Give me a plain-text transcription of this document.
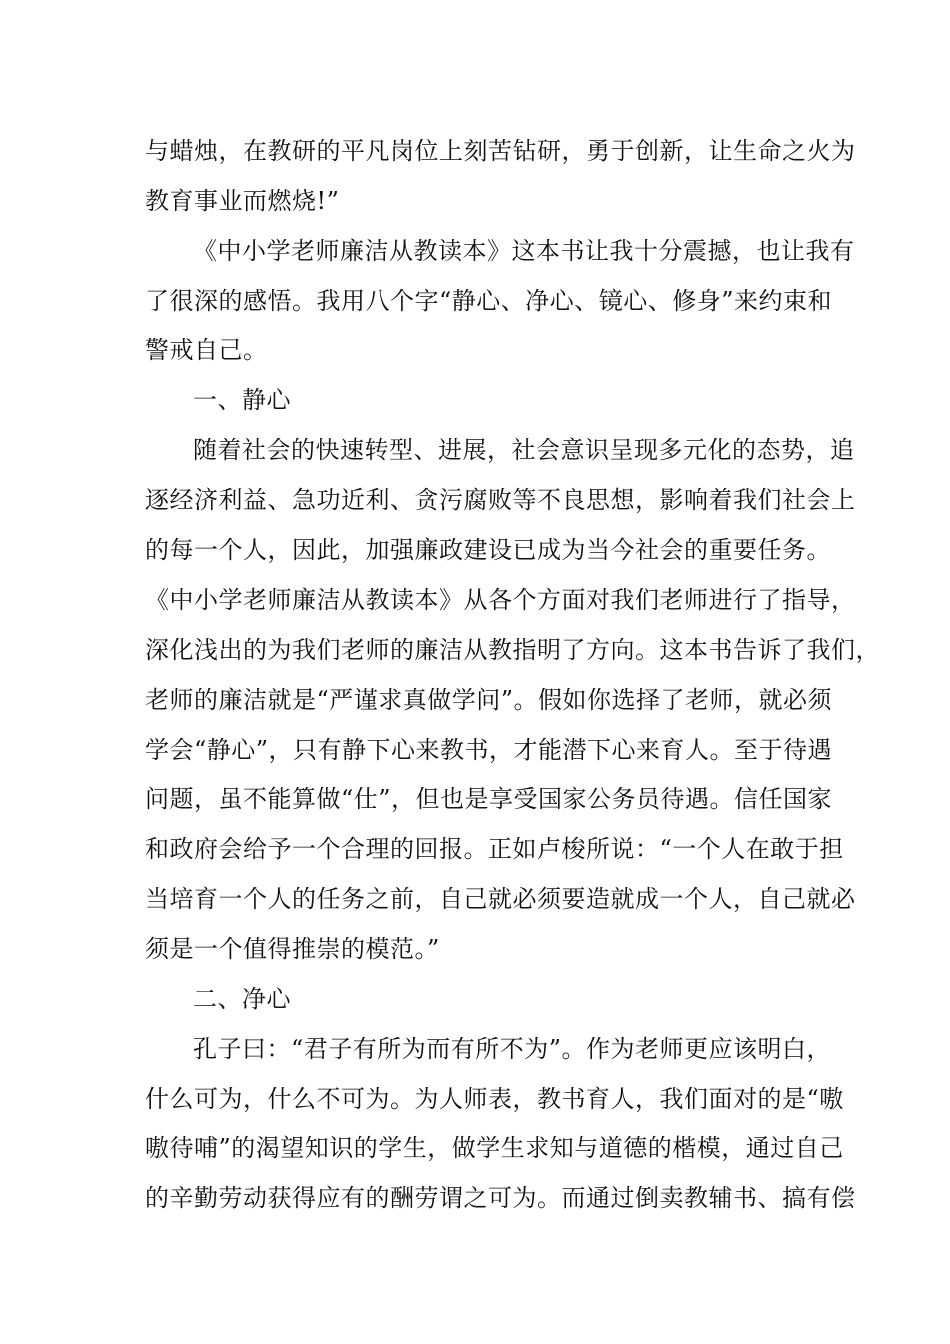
与蜡烛，在教研的平凡岗位上刻苦钻研，勇于创新，让生命之火为
教育事业而燃烧!”
《中小学老师廉洁从教读本》这本书让我十分震撼，也让我有
了很深的感悟。我用八个字“静心、净心、镜心、修身”来约束和
警戒自己。
一、静心
随着社会的快速转型、进展，社会意识呈现多元化的态势，追
逐经济利益、急功近利、贪污腐败等不良思想，影响着我们社会上
的每一个人，因此，加强廉政建设已成为当今社会的重要任务。
《中小学老师廉洁从教读本》从各个方面对我们老师进行了指导，
深化浅出的为我们老师的廉洁从教指明了方向。这本书告诉了我们，
老师的廉洁就是“严谨求真做学问”。假如你选择了老师，就必须
学会“静心”，只有静下心来教书，才能潜下心来育人。至于待遇
问题，虽不能算做“仕”，但也是享受国家公务员待遇。信任国家
和政府会给予一个合理的回报。正如卢梭所说：“一个人在敢于担
当培育一个人的任务之前，自己就必须要造就成一个人，自己就必
须是一个值得推崇的模范。”
二、净心
孔子曰：“君子有所为而有所不为”。作为老师更应该明白，
什么可为，什么不可为。为人师表，教书育人，我们面对的是“嗷
嗷待哺”的渴望知识的学生，做学生求知与道德的楷模，通过自己
的辛勤劳动获得应有的酬劳谓之可为。而通过倒卖教辅书、搞有偿
